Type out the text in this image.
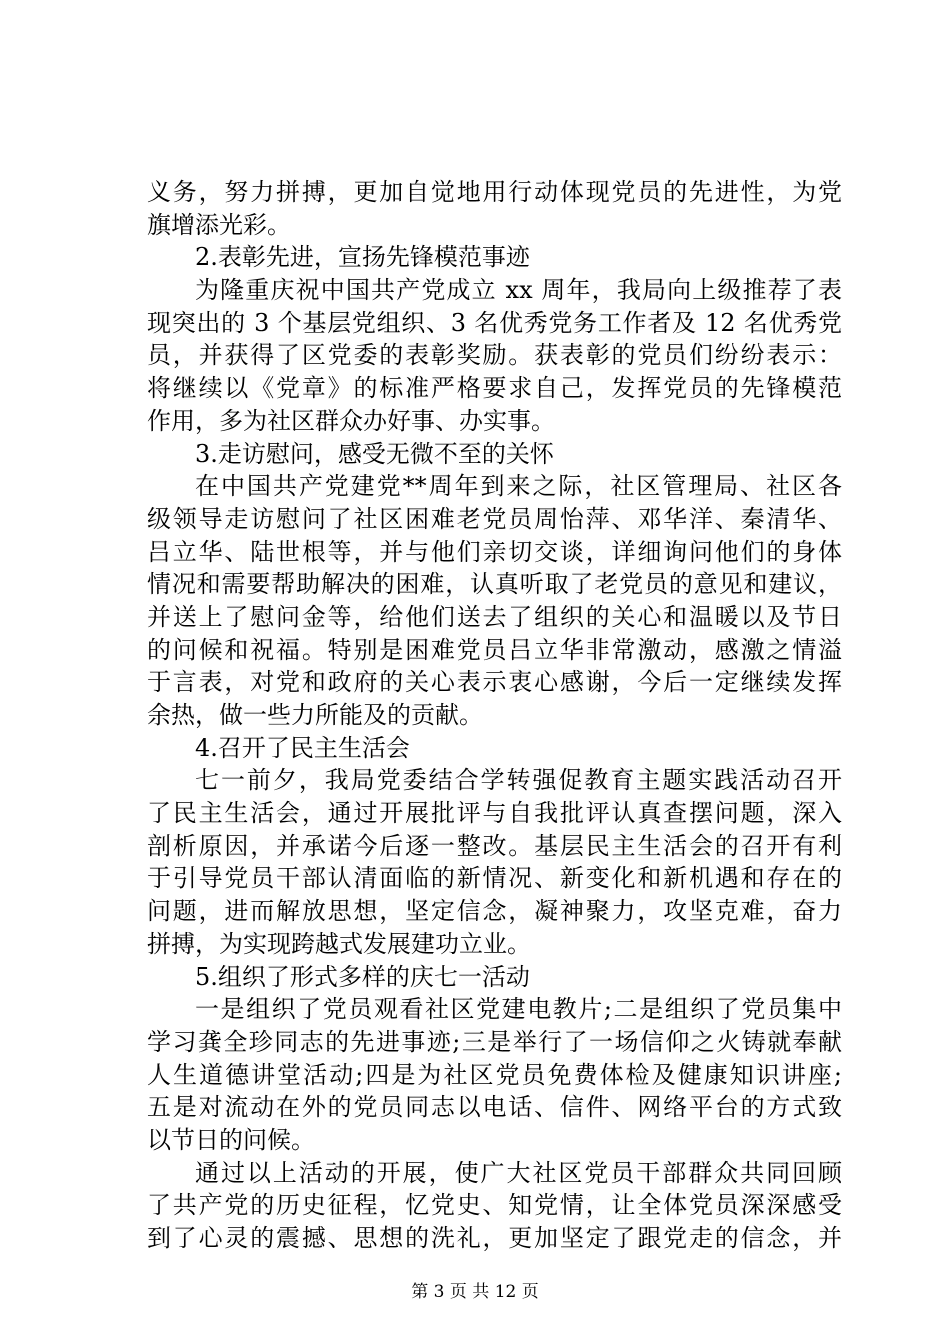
义务，努力拼搏，更加自觉地用行动体现党员的先进性，为党
旗增添光彩。
2.表彰先进，宣扬先锋模范事迹
为隆重庆祝中国共产党成立 xx 周年，我局向上级推荐了表
现突出的 3 个基层党组织、3 名优秀党务工作者及 12 名优秀党
员，并获得了区党委的表彰奖励。获表彰的党员们纷纷表示：
将继续以《党章》的标准严格要求自己，发挥党员的先锋模范
作用，多为社区群众办好事、办实事。
3.走访慰问，感受无微不至的关怀
在中国共产党建党**周年到来之际，社区管理局、社区各
级领导走访慰问了社区困难老党员周怡萍、邓华洋、秦清华、
吕立华、陆世根等，并与他们亲切交谈，详细询问他们的身体
情况和需要帮助解决的困难，认真听取了老党员的意见和建议，
并送上了慰问金等，给他们送去了组织的关心和温暖以及节日
的问候和祝福。特别是困难党员吕立华非常激动，感激之情溢
于言表，对党和政府的关心表示衷心感谢，今后一定继续发挥
余热，做一些力所能及的贡献。
4.召开了民主生活会
七一前夕，我局党委结合学转强促教育主题实践活动召开
了民主生活会，通过开展批评与自我批评认真查摆问题，深入
剖析原因，并承诺今后逐一整改。基层民主生活会的召开有利
于引导党员干部认清面临的新情况、新变化和新机遇和存在的
问题，进而解放思想，坚定信念，凝神聚力，攻坚克难，奋力
拼搏，为实现跨越式发展建功立业。
5.组织了形式多样的庆七一活动
一是组织了党员观看社区党建电教片;二是组织了党员集中
学习龚全珍同志的先进事迹;三是举行了一场信仰之火铸就奉献
人生道德讲堂活动;四是为社区党员免费体检及健康知识讲座;
五是对流动在外的党员同志以电话、信件、网络平台的方式致
以节日的问候。
通过以上活动的开展，使广大社区党员干部群众共同回顾
了共产党的历史征程，忆党史、知党情，让全体党员深深感受
到了心灵的震撼、思想的洗礼，更加坚定了跟党走的信念，并
第 3 页 共 12 页
